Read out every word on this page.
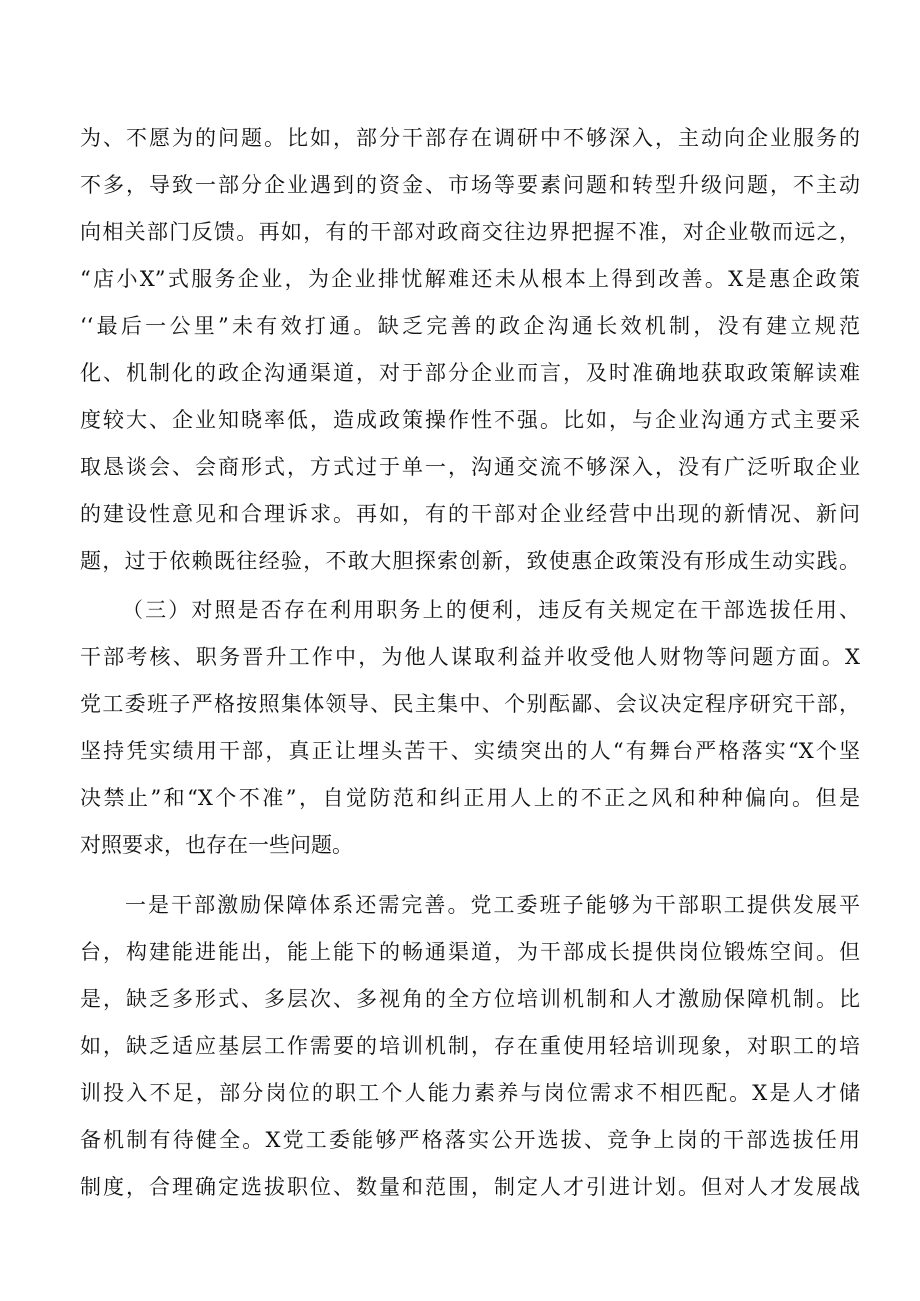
为、不愿为的问题。比如，部分干部存在调研中不够深入，主动向企业服务的
不多，导致一部分企业遇到的资金、市场等要素问题和转型升级问题，不主动
向相关部门反馈。再如，有的干部对政商交往边界把握不准，对企业敬而远之，
“店小X”式服务企业，为企业排忧解难还未从根本上得到改善。X是惠企政策
‘‘最后一公里”未有效打通。缺乏完善的政企沟通长效机制，没有建立规范
化、机制化的政企沟通渠道，对于部分企业而言，及时准确地获取政策解读难
度较大、企业知晓率低，造成政策操作性不强。比如，与企业沟通方式主要采
取恳谈会、会商形式，方式过于单一，沟通交流不够深入，没有广泛听取企业
的建设性意见和合理诉求。再如，有的干部对企业经营中出现的新情况、新问
题，过于依赖既往经验，不敢大胆探索创新，致使惠企政策没有形成生动实践。
（三）对照是否存在利用职务上的便利，违反有关规定在干部选拔任用、
干部考核、职务晋升工作中，为他人谋取利益并收受他人财物等问题方面。X
党工委班子严格按照集体领导、民主集中、个别酝鄙、会议决定程序研究干部，
坚持凭实绩用干部，真正让埋头苦干、实绩突出的人“有舞台严格落实“X个坚
决禁止”和“X个不准”，自觉防范和纠正用人上的不正之风和种种偏向。但是
对照要求，也存在一些问题。
一是干部激励保障体系还需完善。党工委班子能够为干部职工提供发展平
台，构建能进能出，能上能下的畅通渠道，为干部成长提供岗位锻炼空间。但
是，缺乏多形式、多层次、多视角的全方位培训机制和人才激励保障机制。比
如，缺乏适应基层工作需要的培训机制，存在重使用轻培训现象，对职工的培
训投入不足，部分岗位的职工个人能力素养与岗位需求不相匹配。X是人才储
备机制有待健全。X党工委能够严格落实公开选拔、竞争上岗的干部选拔任用
制度，合理确定选拔职位、数量和范围，制定人才引进计划。但对人才发展战
